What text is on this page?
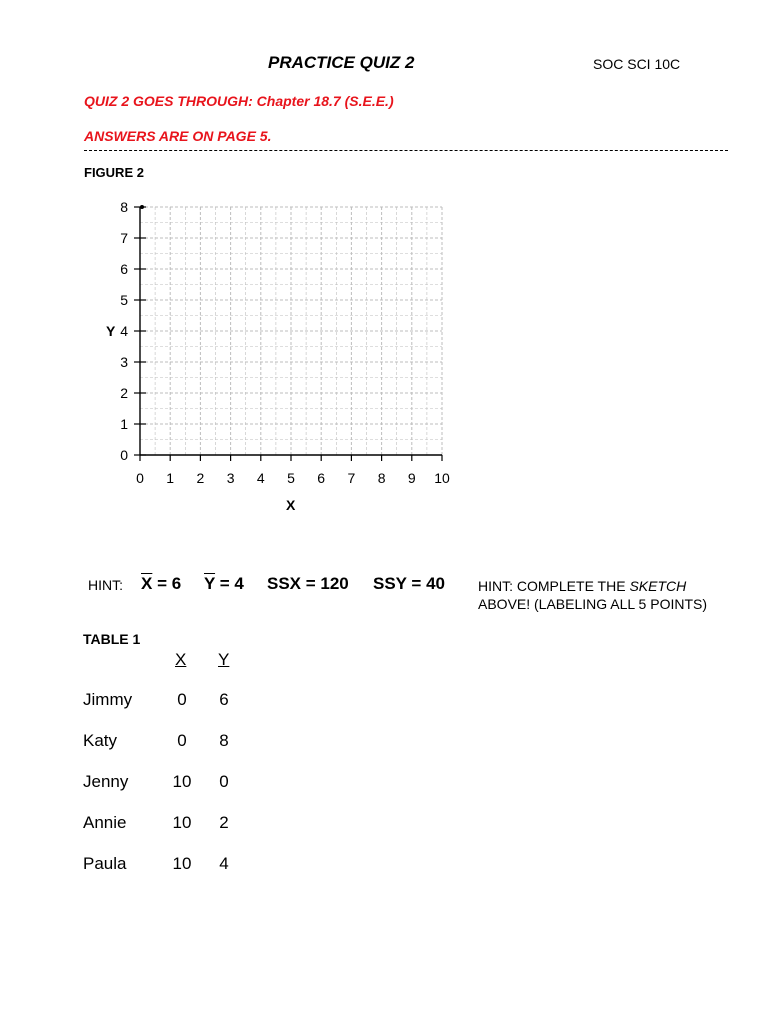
PRACTICE QUIZ 2	SOC SCI 10C
QUIZ 2 GOES THROUGH: Chapter 18.7 (S.E.E.)
ANSWERS ARE ON PAGE 5.
FIGURE 2
0 1 2 3 4 5 6 7 8 9 10
0
1
2
3
4
5
6
7
8
Y
X
HINT: $\overline{X} = 6$ $\overline{Y} = 4$ SSX = 120 SSY = 40 HINT: COMPLETE THE SKETCH
ABOVE! (LABELING ALL 5 POINTS)
TABLE 1
X Y
Jimmy	0 6
Katy	0 8
Jenny	10 0
Annie	10 2
Paula	10 4
